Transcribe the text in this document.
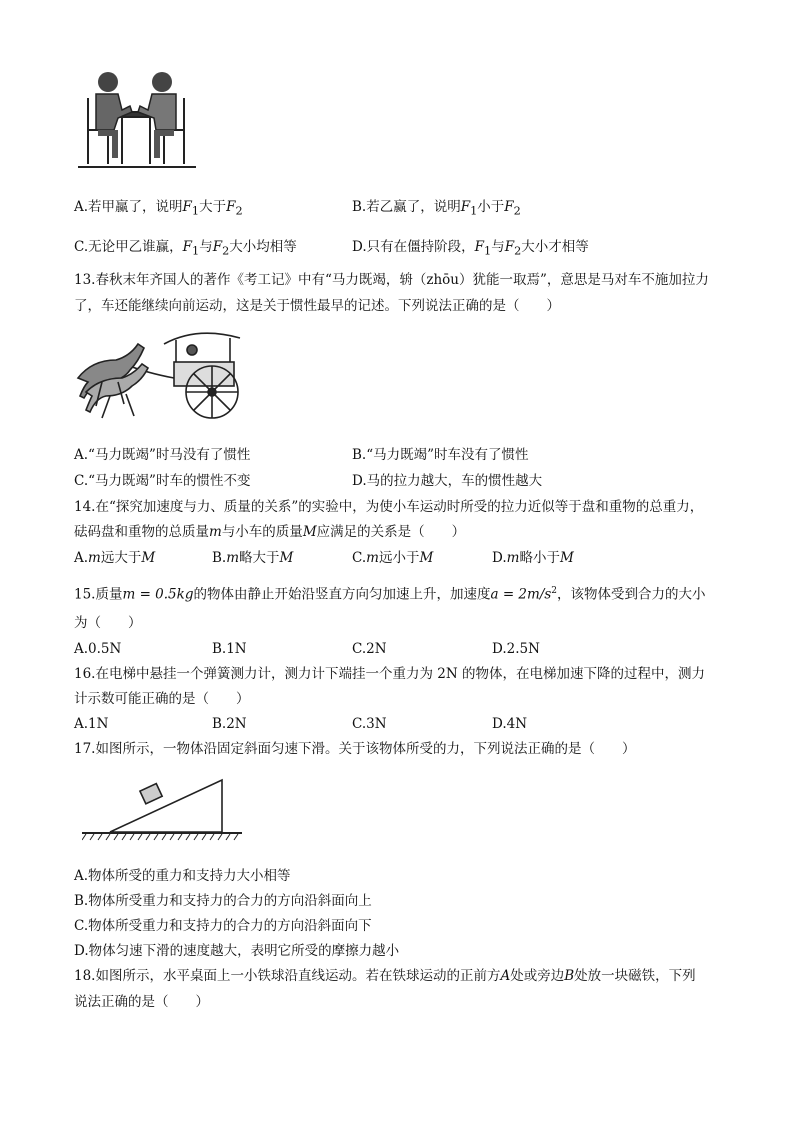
A.若甲赢了，说明$F_1$大于$F_2$	B.若乙赢了，说明$F_1$小于$F_2$
C.无论甲乙谁赢，$F_1$与$F_2$大小均相等	D.只有在僵持阶段，$F_1$与$F_2$大小才相等
13.春秋末年齐国人的著作《考工记》中有“马力既竭，辀（zhōu）犹能一取焉”，意思是马对车不施加拉力
了，车还能继续向前运动，这是关于惯性最早的记述。下列说法正确的是（　　）
A.“马力既竭”时马没有了惯性	B.“马力既竭”时车没有了惯性
C.“马力既竭”时车的惯性不变	D.马的拉力越大，车的惯性越大
14.在“探究加速度与力、质量的关系”的实验中，为使小车运动时所受的拉力近似等于盘和重物的总重力，
砝码盘和重物的总质量m与小车的质量M应满足的关系是（　　）
A.m远大于M	B.m略大于M	C.m远小于M	D.m略小于M
15.质量m = 0.5kg的物体由静止开始沿竖直方向匀加速上升，加速度$a = 2m/s^2$，该物体受到合力的大小
为（　　）
A.0.5N	B.1N	C.2N	D.2.5N
16.在电梯中悬挂一个弹簧测力计，测力计下端挂一个重力为 2N 的物体，在电梯加速下降的过程中，测力
计示数可能正确的是（　　）
A.1N	B.2N	C.3N	D.4N
17.如图所示，一物体沿固定斜面匀速下滑。关于该物体所受的力，下列说法正确的是（　　）
A.物体所受的重力和支持力大小相等
B.物体所受重力和支持力的合力的方向沿斜面向上
C.物体所受重力和支持力的合力的方向沿斜面向下
D.物体匀速下滑的速度越大，表明它所受的摩擦力越小
18.如图所示，水平桌面上一小铁球沿直线运动。若在铁球运动的正前方A处或旁边B处放一块磁铁，下列
说法正确的是（　　）
